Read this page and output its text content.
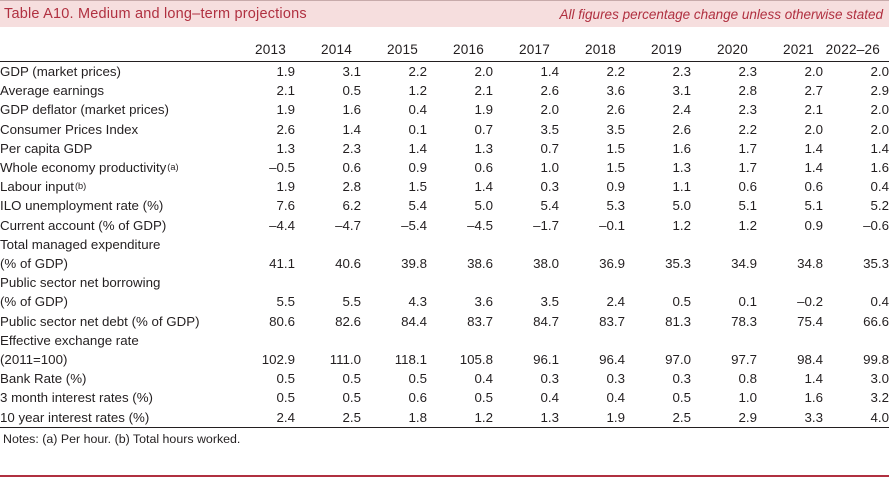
Table A10. Medium and long–term projections	All figures percentage change unless otherwise stated
	2013	2014	2015	2016	2017	2018	2019	2020	2021	2022–26

GDP (market prices)	1.9	3.1	2.2	2.0	1.4	2.2	2.3	2.3	2.0	2.0
Average earnings	2.1	0.5	1.2	2.1	2.6	3.6	3.1	2.8	2.7	2.9
GDP deflator (market prices)	1.9	1.6	0.4	1.9	2.0	2.6	2.4	2.3	2.1	2.0
Consumer Prices Index	2.6	1.4	0.1	0.7	3.5	3.5	2.6	2.2	2.0	2.0
Per capita GDP	1.3	2.3	1.4	1.3	0.7	1.5	1.6	1.7	1.4	1.4
Whole economy productivity$^{(a)}$	–0.5	0.6	0.9	0.6	1.0	1.5	1.3	1.7	1.4	1.6
Labour input$^{(b)}$	1.9	2.8	1.5	1.4	0.3	0.9	1.1	0.6	0.6	0.4
ILO unemployment rate (%)	7.6	6.2	5.4	5.0	5.4	5.3	5.0	5.1	5.1	5.2
Current account (% of GDP)	–4.4	–4.7	–5.4	–4.5	–1.7	–0.1	1.2	1.2	0.9	–0.6
Total managed expenditure										
(% of GDP)	41.1	40.6	39.8	38.6	38.0	36.9	35.3	34.9	34.8	35.3
Public sector net borrowing										
(% of GDP)	5.5	5.5	4.3	3.6	3.5	2.4	0.5	0.1	–0.2	0.4
Public sector net debt (% of GDP)	80.6	82.6	84.4	83.7	84.7	83.7	81.3	78.3	75.4	66.6
Effective exchange rate										
(2011=100)	102.9	111.0	118.1	105.8	96.1	96.4	97.0	97.7	98.4	99.8
Bank Rate (%)	0.5	0.5	0.5	0.4	0.3	0.3	0.3	0.8	1.4	3.0
3 month interest rates (%)	0.5	0.5	0.6	0.5	0.4	0.4	0.5	1.0	1.6	3.2
10 year interest rates (%)	2.4	2.5	1.8	1.2	1.3	1.9	2.5	2.9	3.3	4.0

Notes: (a) Per hour. (b) Total hours worked.
